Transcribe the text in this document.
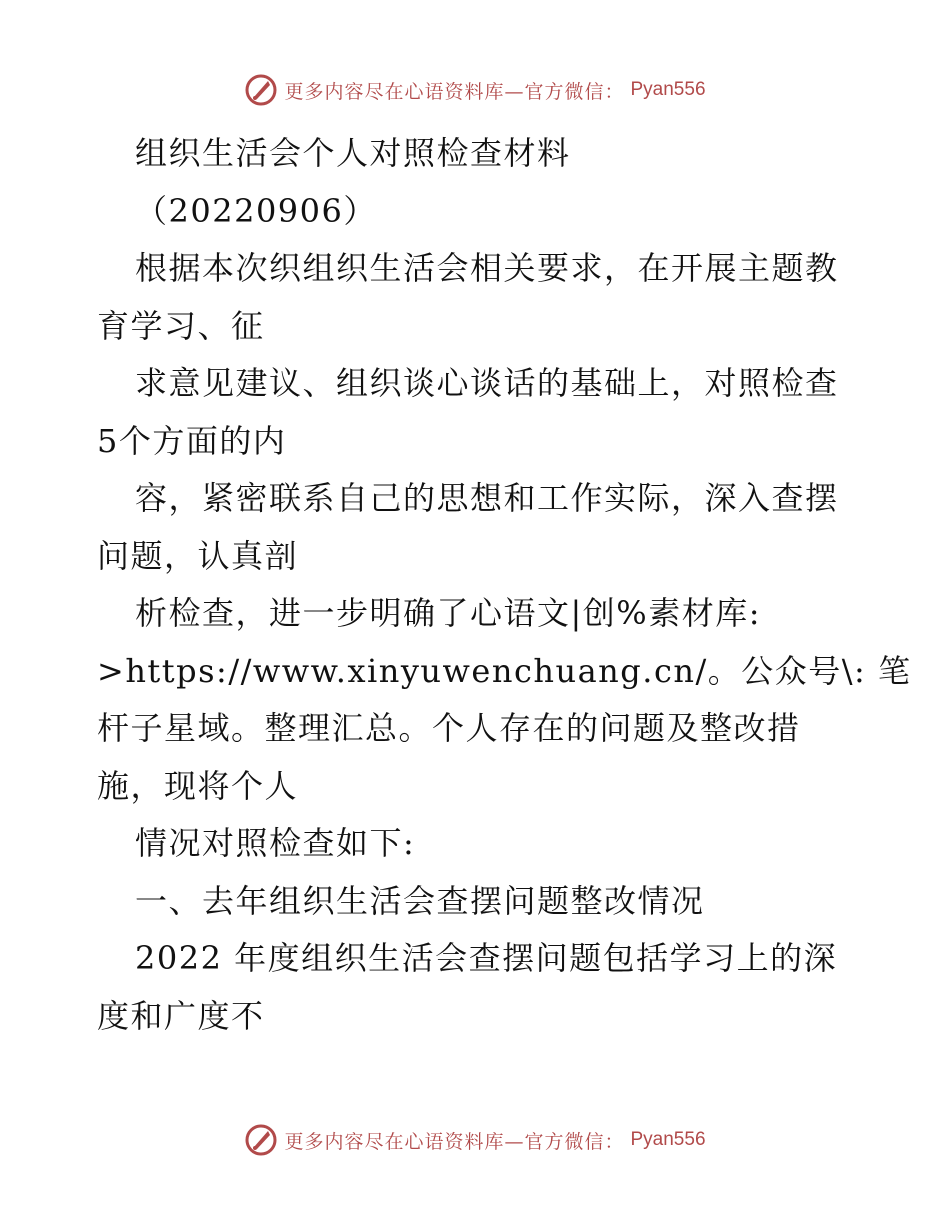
更多内容尽在心语资料库—官方微信： Pyan556
组织生活会个人对照检查材料
（20220906）
根据本次织组织生活会相关要求，在开展主题教
育学习、征
求意见建议、组织谈心谈话的基础上，对照检查
5个方面的内
容，紧密联系自己的思想和工作实际，深入查摆
问题，认真剖
析检查，进一步明确了心语文|创%素材库:
>https://www.xinyuwenchuang.cn/。公众号\: 笔
杆子星域。整理汇总。个人存在的问题及整改措
施，现将个人
情况对照检查如下:
一、去年组织生活会查摆问题整改情况
2022 年度组织生活会查摆问题包括学习上的深
度和广度不
更多内容尽在心语资料库—官方微信： Pyan556
